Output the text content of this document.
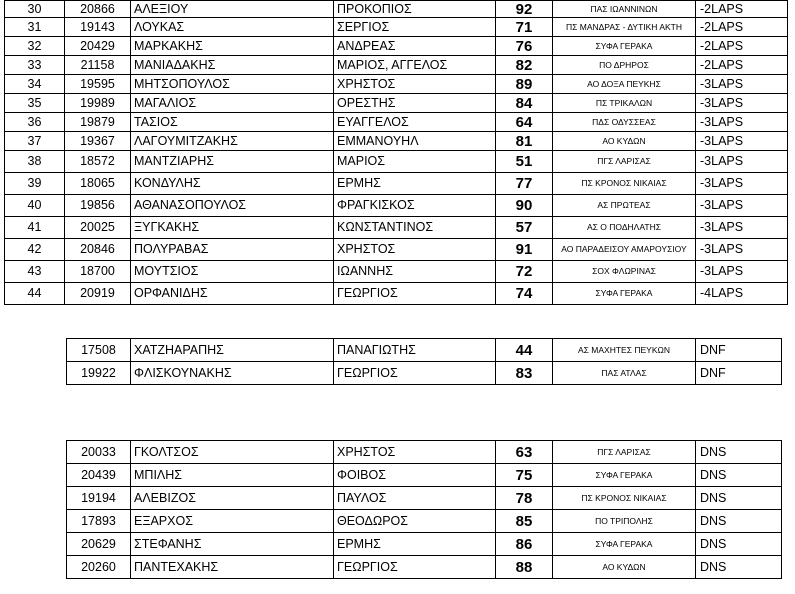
30	20866	ΑΛΕΞΙΟΥ	ΠΡΟΚΟΠΙΟΣ	92	ΠΑΣ ΙΩΑΝΝΙΝΩΝ	-2LAPS
31	19143	ΛΟΥΚΑΣ	ΣΕΡΓΙΟΣ	71	ΠΣ ΜΑΝΔΡΑΣ - ΔΥΤΙΚΗ ΑΚΤΗ	-2LAPS
32	20429	ΜΑΡΚΑΚΗΣ	ΑΝΔΡΕΑΣ	76	ΣΥΦΑ ΓΕΡΑΚΑ	-2LAPS
33	21158	ΜΑΝΙΑΔΑΚΗΣ	ΜΑΡΙΟΣ, ΑΓΓΕΛΟΣ	82	ΠΟ ΔΡΗΡΟΣ	-2LAPS
34	19595	ΜΗΤΣΟΠΟΥΛΟΣ	ΧΡΗΣΤΟΣ	89	ΑΟ ΔΟΞΑ ΠΕΥΚΗΣ	-3LAPS
35	19989	ΜΑΓΑΛΙΟΣ	ΟΡΕΣΤΗΣ	84	ΠΣ ΤΡΙΚΑΛΩΝ	-3LAPS
36	19879	ΤΑΣΙΟΣ	ΕΥΑΓΓΕΛΟΣ	64	ΠΔΣ ΟΔΥΣΣΕΑΣ	-3LAPS
37	19367	ΛΑΓΟΥΜΙΤΖΑΚΗΣ	ΕΜΜΑΝΟΥΗΛ	81	ΑΟ ΚΥΔΩΝ	-3LAPS
38	18572	ΜΑΝΤΖΙΑΡΗΣ	ΜΑΡΙΟΣ	51	ΠΓΣ ΛΑΡΙΣΑΣ	-3LAPS
39	18065	ΚΟΝΔΥΛΗΣ	ΕΡΜΗΣ	77	ΠΣ ΚΡΟΝΟΣ ΝΙΚΑΙΑΣ	-3LAPS
40	19856	ΑΘΑΝΑΣΟΠΟΥΛΟΣ	ΦΡΑΓΚΙΣΚΟΣ	90	ΑΣ ΠΡΩΤΕΑΣ	-3LAPS
41	20025	ΞΥΓΚΑΚΗΣ	ΚΩΝΣΤΑΝΤΙΝΟΣ	57	ΑΣ Ο ΠΟΔΗΛΑΤΗΣ	-3LAPS
42	20846	ΠΟΛΥΡΑΒΑΣ	ΧΡΗΣΤΟΣ	91	ΑΟ ΠΑΡΑΔΕΙΣΟΥ ΑΜΑΡΟΥΣΙΟΥ	-3LAPS
43	18700	ΜΟΥΤΣΙΟΣ	ΙΩΑΝΝΗΣ	72	ΣΟΧ ΦΛΩΡΙΝΑΣ	-3LAPS
44	20919	ΟΡΦΑΝΙΔΗΣ	ΓΕΩΡΓΙΟΣ	74	ΣΥΦΑ ΓΕΡΑΚΑ	-4LAPS
17508	ΧΑΤΖΗΑΡΑΠΗΣ	ΠΑΝΑΓΙΩΤΗΣ	44	ΑΣ ΜΑΧΗΤΕΣ ΠΕΥΚΩΝ	DNF
19922	ΦΛΙΣΚΟΥΝΑΚΗΣ	ΓΕΩΡΓΙΟΣ	83	ΠΑΣ ΑΤΛΑΣ	DNF
20033	ΓΚΟΛΤΣΟΣ	ΧΡΗΣΤΟΣ	63	ΠΓΣ ΛΑΡΙΣΑΣ	DNS
20439	ΜΠΙΛΗΣ	ΦΟΙΒΟΣ	75	ΣΥΦΑ ΓΕΡΑΚΑ	DNS
19194	ΑΛΕΒΙΖΟΣ	ΠΑΥΛΟΣ	78	ΠΣ ΚΡΟΝΟΣ ΝΙΚΑΙΑΣ	DNS
17893	ΕΞΑΡΧΟΣ	ΘΕΟΔΩΡΟΣ	85	ΠΟ ΤΡΙΠΟΛΗΣ	DNS
20629	ΣΤΕΦΑΝΗΣ	ΕΡΜΗΣ	86	ΣΥΦΑ ΓΕΡΑΚΑ	DNS
20260	ΠΑΝΤΕΧΑΚΗΣ	ΓΕΩΡΓΙΟΣ	88	ΑΟ ΚΥΔΩΝ	DNS
